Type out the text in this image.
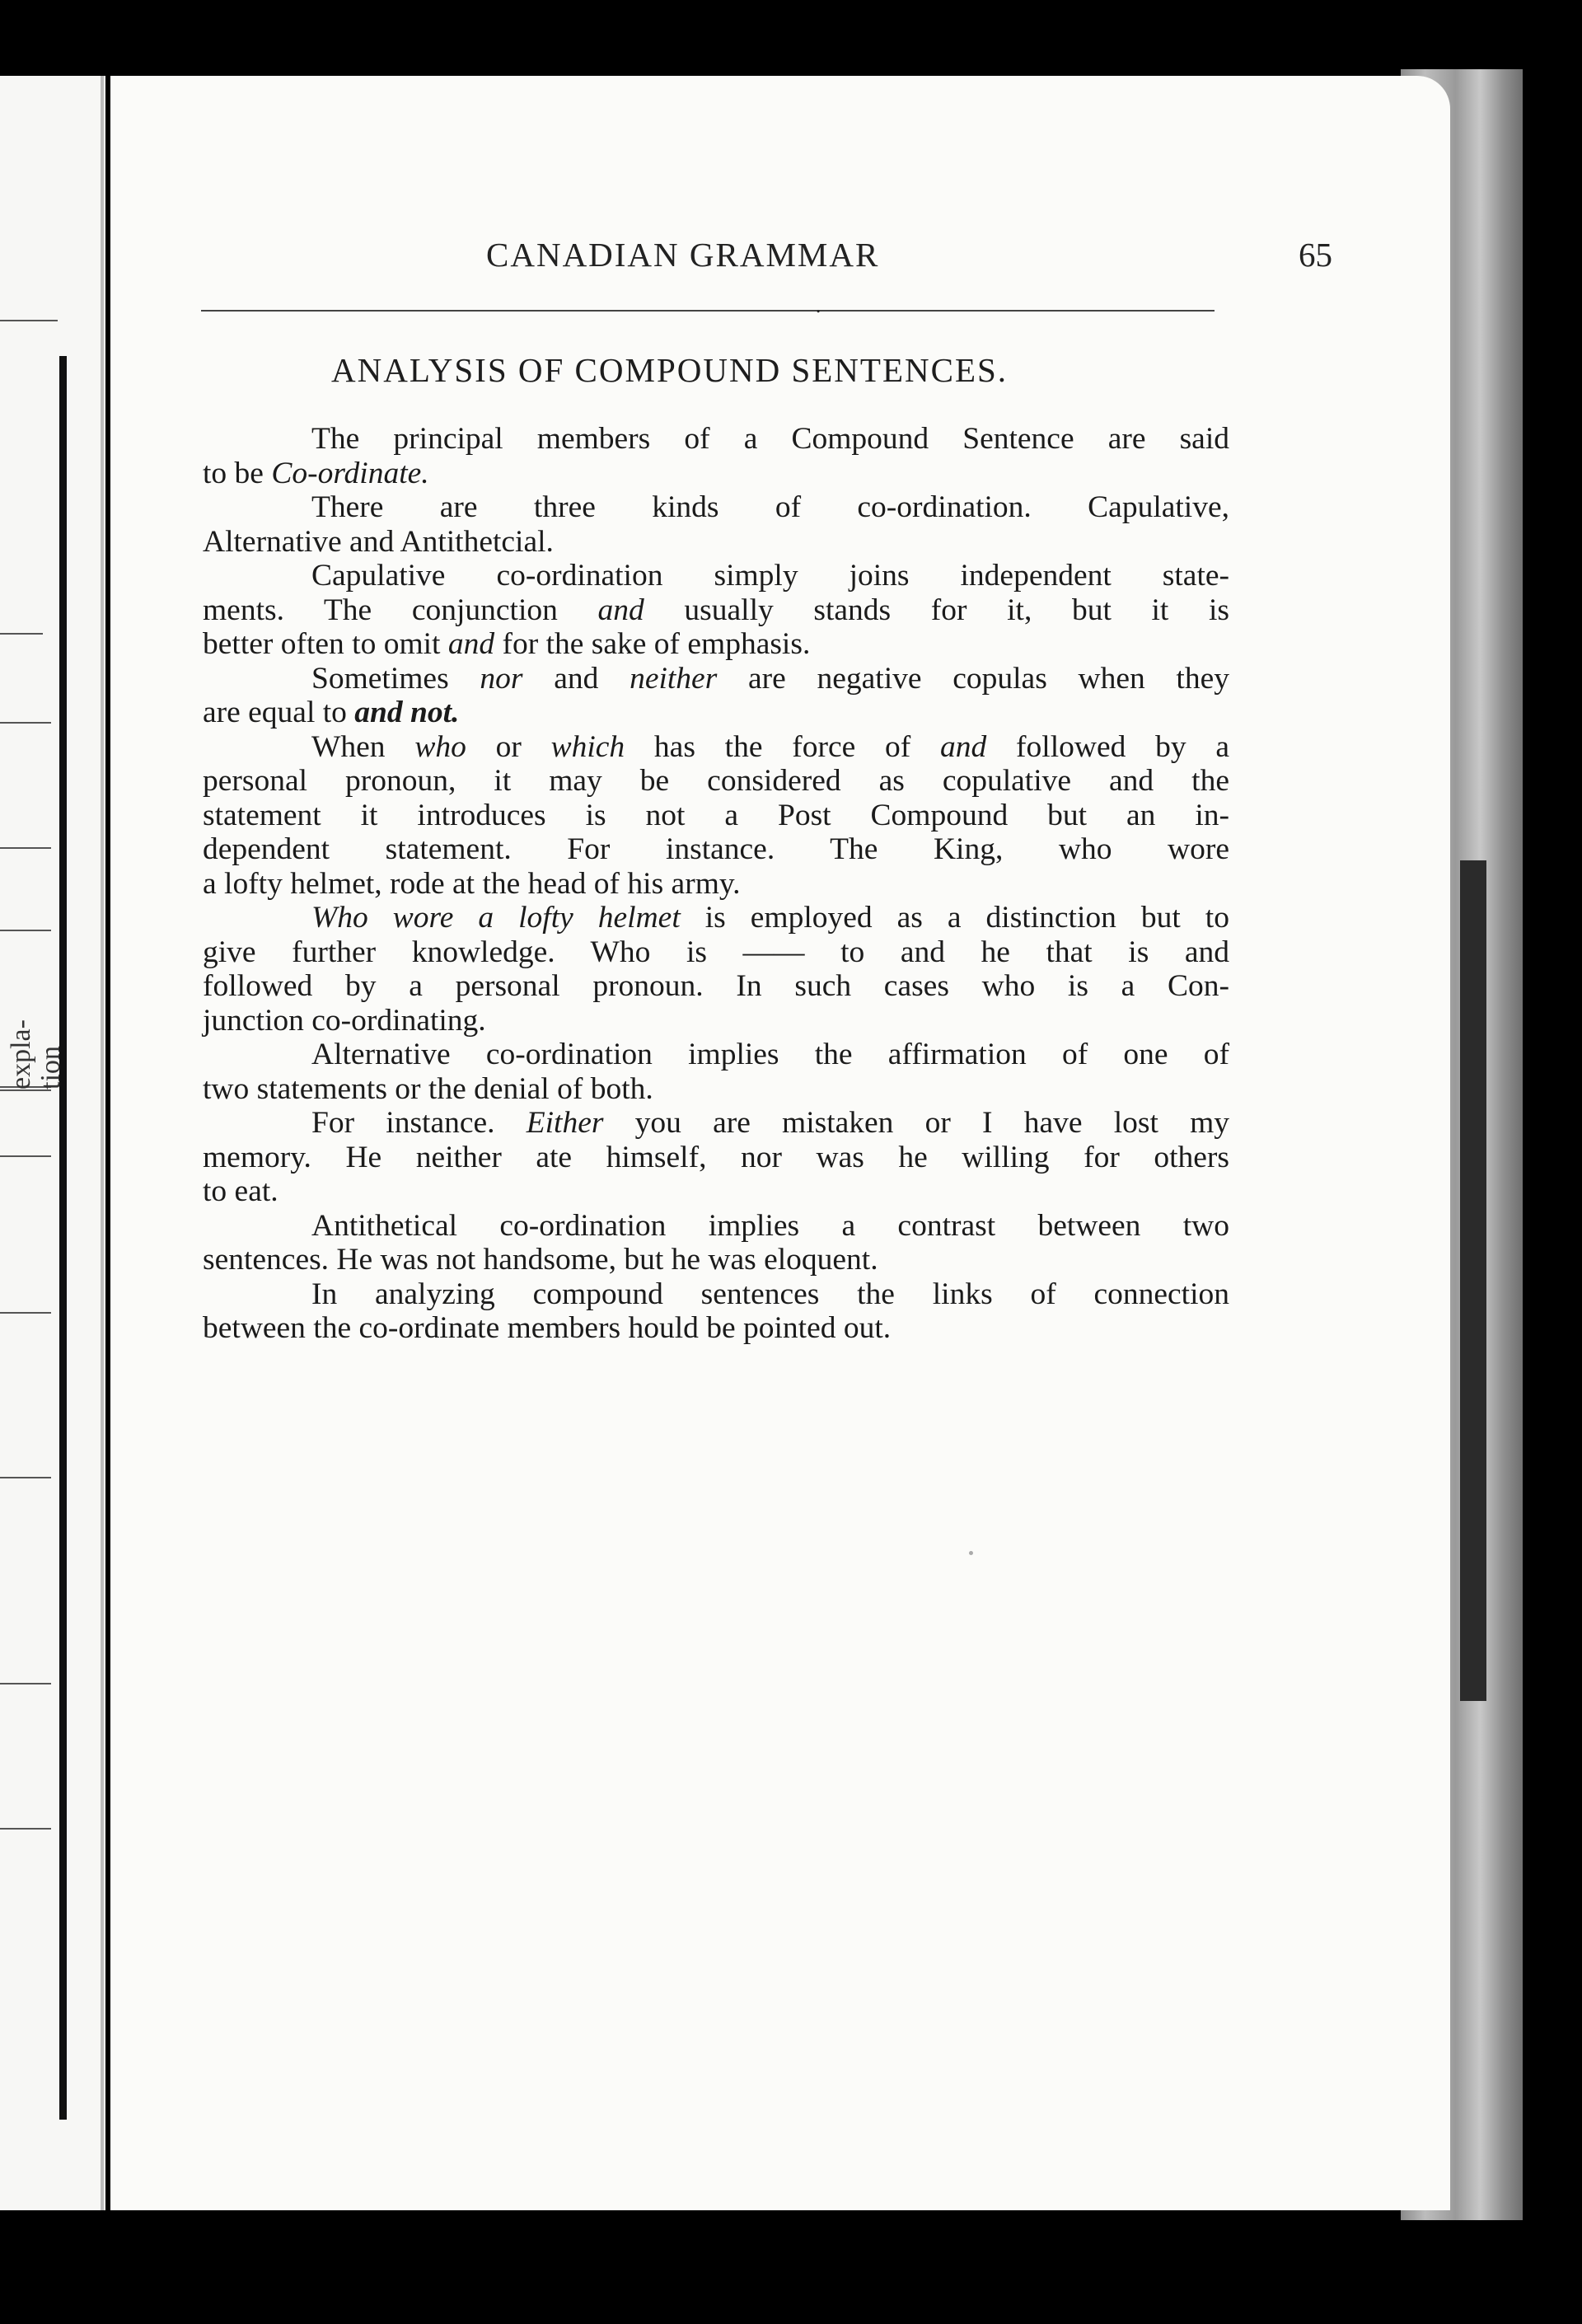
expla- tion
CANADIAN GRAMMAR	65
⋅
ANALYSIS OF COMPOUND SENTENCES.
The principal members of a Compound Sentence are said
to be Co-ordinate.
There are three kinds of co-ordination. Capulative,
Alternative and Antithetcial.
Capulative co-ordination simply joins independent state-
ments. The conjunction and usually stands for it, but it is
better often to omit and for the sake of emphasis.
Sometimes nor and neither are negative copulas when they
are equal to and not.
When who or which has the force of and followed by a
personal pronoun, it may be considered as copulative and the
statement it introduces is not a Post Compound but an in-
dependent statement. For instance. The King, who wore
a lofty helmet, rode at the head of his army.
Who wore a lofty helmet is employed as a distinction but to
give further knowledge. Who is —— to and he that is and
followed by a personal pronoun. In such cases who is a Con-
junction co-ordinating.
Alternative co-ordination implies the affirmation of one of
two statements or the denial of both.
For instance. Either you are mistaken or I have lost my
memory. He neither ate himself, nor was he willing for others
to eat.
Antithetical co-ordination implies a contrast between two
sentences. He was not handsome, but he was eloquent.
In analyzing compound sentences the links of connection
between the co-ordinate members hould be pointed out.
